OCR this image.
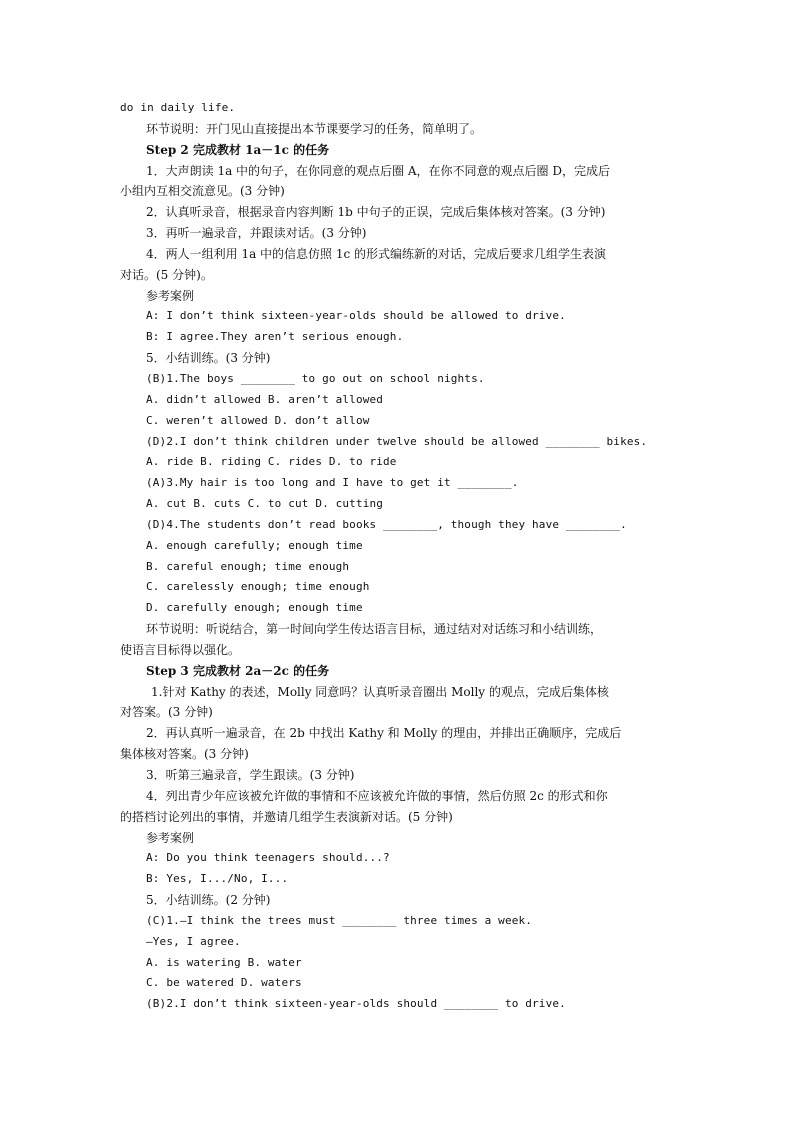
do in daily life.
环节说明：开门见山直接提出本节课要学习的任务，简单明了。
Step 2 完成教材 1a－1c 的任务
1．大声朗读 1a 中的句子，在你同意的观点后圈 A，在你不同意的观点后圈 D，完成后
小组内互相交流意见。(3 分钟)
2．认真听录音，根据录音内容判断 1b 中句子的正误，完成后集体核对答案。(3 分钟)
3．再听一遍录音，并跟读对话。(3 分钟)
4．两人一组利用 1a 中的信息仿照 1c 的形式编练新的对话，完成后要求几组学生表演
对话。(5 分钟)。
参考案例
A: I don’t think sixteen-year-olds should be allowed to drive.
B: I agree.They aren’t serious enough.
5．小结训练。(3 分钟)
(B)1.The boys ________ to go out on school nights.
A. didn’t allowed B. aren’t allowed
C. weren’t allowed D. don’t allow
(D)2.I don’t think children under twelve should be allowed ________ bikes.
A. ride B. riding C. rides D. to ride
(A)3.My hair is too long and I have to get it ________.
A. cut B. cuts C. to cut D. cutting
(D)4.The students don’t read books ________, though they have ________.
A. enough carefully; enough time
B. careful enough; time enough
C. carelessly enough; time enough
D. carefully enough; enough time
环节说明：听说结合，第一时间向学生传达语言目标，通过结对对话练习和小结训练，
使语言目标得以强化。
Step 3 完成教材 2a－2c 的任务
1.针对 Kathy 的表述，Molly 同意吗？认真听录音圈出 Molly 的观点，完成后集体核
对答案。(3 分钟)
2．再认真听一遍录音，在 2b 中找出 Kathy 和 Molly 的理由，并排出正确顺序，完成后
集体核对答案。(3 分钟)
3．听第三遍录音，学生跟读。(3 分钟)
4．列出青少年应该被允许做的事情和不应该被允许做的事情，然后仿照 2c 的形式和你
的搭档讨论列出的事情，并邀请几组学生表演新对话。(5 分钟)
参考案例
A: Do you think teenagers should...?
B: Yes, I.../No, I...
5．小结训练。(2 分钟)
(C)1.—I think the trees must ________ three times a week.
—Yes, I agree.
A. is watering B. water
C. be watered D. waters
(B)2.I don’t think sixteen-year-olds should ________ to drive.
